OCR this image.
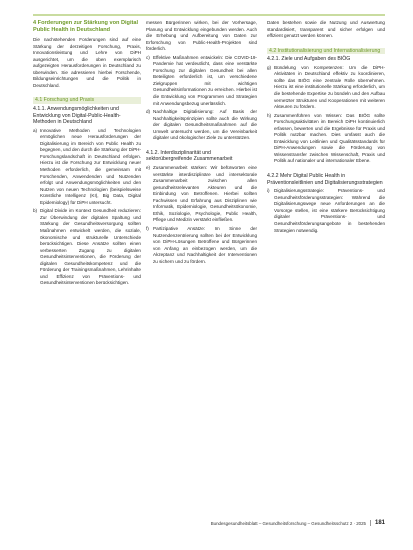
4 Forderungen zur Stärkung von Digital Public Health in Deutschland
Die nachstehenden Forderungen sind auf eine Stärkung der derzeitigen Forschung, Praxis, Innovationsleistung und Lehre von DiPH ausgerichtet, um die oben exemplarisch aufgezeigten Herausforderungen in Deutschland zu überwinden. Sie adressieren hierbei Forschende, Bildungseinrichtungen und die Politik in Deutschland.
4.1 Forschung und Praxis
4.1.1. Anwendungsmöglichkeiten und Entwicklung von Digital-Public-Health-Methoden in Deutschland
a) Innovative Methoden und Technologien ermöglichen neue Herausforderungen der Digitalisierung im Bereich von Public Health zu begegnen, und den durch die Stärkung der DiPH-Forschungslandschaft in Deutschland erfolgen. Hierzu ist die Forschung zur Entwicklung neuer Methoden erforderlich, die gemeinsam mit Forschenden, Anwendenden und Nutzenden erfolgt und Anwendungsmöglichkeiten und den Nutzen von neuen Technologien (beispielsweise Künstliche Intelligenz (KI), Big Data, Digital Epidemiology) für DiPH untersucht.
b) Digital Divide im Kontext Gesundheit reduzieren: Zur Überwindung der digitalen Spaltung und Stärkung der Gesundheitsversorgung sollten Maßnahmen entwickelt werden, die soziale, ökonomische und strukturelle Unterschiede berücksichtigen. Diese Ansätze sollten einen verbesserten Zugang zu digitalen Gesundheitsinterventionen, die Förderung der digitalen Gesundheitskompetenz und die Förderung der Trainingsmaßnahmen, Lehrinhalte und Effizienz von Präventions- und Gesundheitsinterventionen berücksichtigen.
messen Bürgerinnen wirken, bei der Vorhersage, Planung und Entwicklung eingebunden werden. Auch die Erhebung und Aufbereitung von Daten zur Erforschung von Public-Health-Projekten sind förderlich.
c) Effektive Maßnahmen entwickeln: Die COVID-19-Pandemie hat verdeutlicht, dass eine verstärkte Forschung zur digitalen Gesundheit bei allen Beteiligten erforderlich ist, um verschiedene Zielgruppen mit wichtigen Gesundheitsinformationen zu erreichen. Hierbei ist die Entwicklung von Programmen und Strategien mit Anwendungsbezug unerlässlich.
d) Nachhaltige Digitalisierung: Auf Basis der Nachhaltigkeitsprinzipien sollte auch die Wirkung der digitalen Gesundheitsmaßnahmen auf die Umwelt untersucht werden, um die Vereinbarkeit digitaler und ökologischer Ziele zu unterstützen.
4.1.2. Interdisziplinarität und sektorübergreifende Zusammenarbeit
e) Zusammenarbeit stärken: Wir befürworten eine verstärkte interdisziplinäre und intersektorale Zusammenarbeit zwischen allen gesundheitsrelevanten Akteuren und die Einbindung von Betroffenen. Hierbei sollten Fachwissen und Erfahrung aus Disziplinen wie Informatik, Epidemiologie, Gesundheitsökonomie, Ethik, Soziologie, Psychologie, Public Health, Pflege und Medizin verstärkt einfließen.
f) Partizipative Ansätze: Im Sinne der Nutzendenzentrierung sollten bei der Entwicklung von DiPH-Lösungen Betroffene und Bürgerinnen von Anfang an einbezogen werden, um die Akzeptanz und Nachhaltigkeit der Interventionen zu sichern und zu fördern.
Daten bestehen sowie die Nutzung und Auswertung standardisiert, transparent und sicher erfolgen und effizient genutzt werden können.
4.2 Institutionalisierung und Internationalisierung
4.2.1. Ziele und Aufgaben des BIÖG
g) Bündelung von Kompetenzen: Um die DiPH-Aktivitäten in Deutschland effektiv zu koordinieren, sollte das BIÖG eine zentrale Rolle übernehmen. Hierzu ist eine institutionelle Stärkung erforderlich, um die bestehende Expertise zu bündeln und den Aufbau vernetzter Strukturen und Kooperationen mit weiteren Akteuren zu fördern.
h) Zusammenführen von Wissen: Das BIÖG sollte Forschungsaktivitäten im Bereich DiPH kontinuierlich erfassen, bewerten und die Ergebnisse für Praxis und Politik nutzbar machen. Dies umfasst auch die Entwicklung von Leitlinien und Qualitätsstandards für DiPH-Anwendungen sowie die Förderung von Wissenstransfer zwischen Wissenschaft, Praxis und Politik auf nationaler und internationaler Ebene.
4.2.2 Mehr Digital Public Health in Präventionsleitlinien und Digitalisierungsstrategien
i) Digitalisierungsstrategie: Präventions- und Gesundheitsförderungsstrategien: Während die Digitalisierungswege neue Anforderungen an die Vorsorge stellen, ist eine stärkere Berücksichtigung digitaler Präventions- und Gesundheitsförderungsangebote in bestehenden Strategien notwendig.
Bundesgesundheitsblatt – Gesundheitsforschung – Gesundheitsschutz 2 · 2025	181
